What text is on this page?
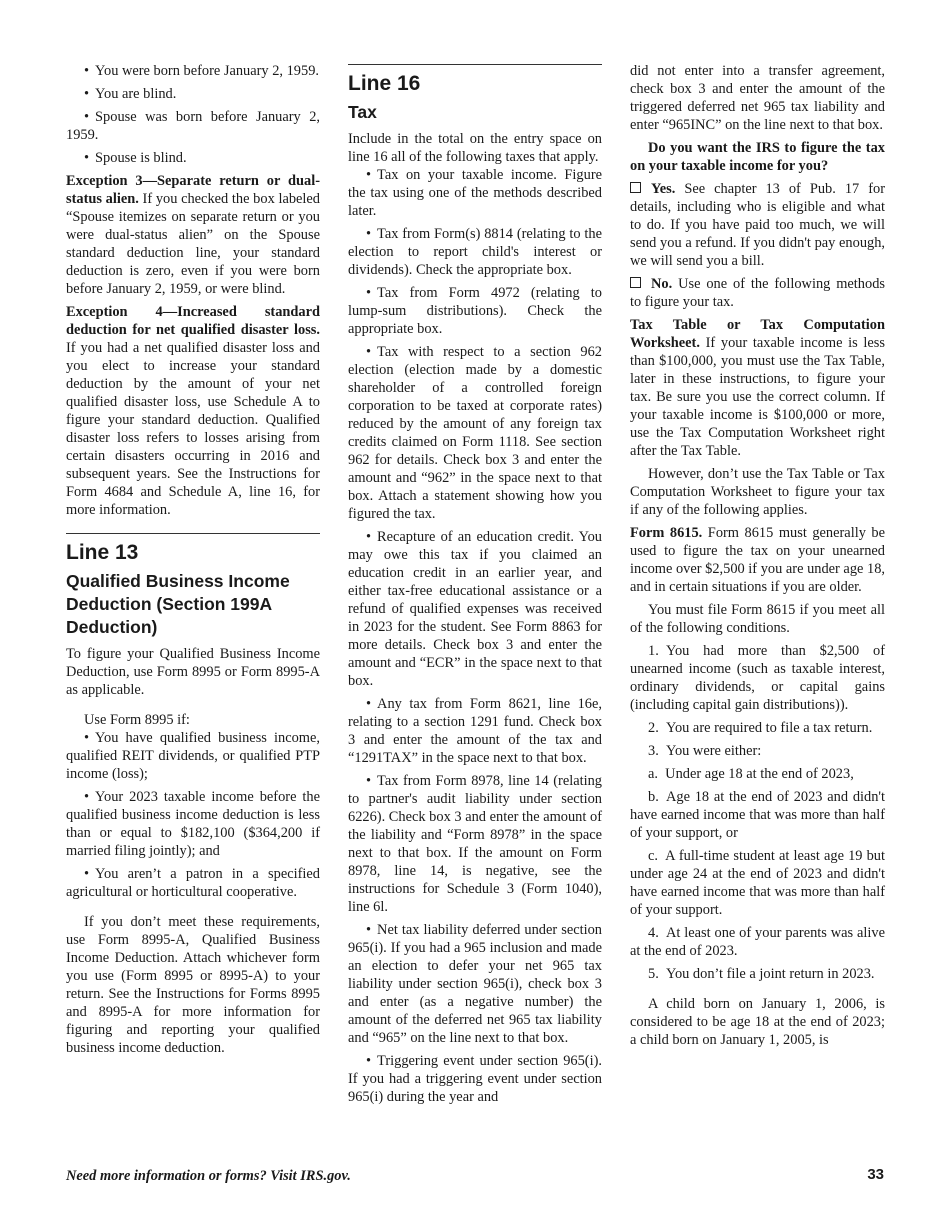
• You were born before January 2, 1959.

• You are blind.

• Spouse was born before January 2, 1959.

• Spouse is blind.

Exception 3—Separate return or dual-status alien. If you checked the box labeled “Spouse itemizes on separate return or you were dual-status alien” on the Spouse standard deduction line, your standard deduction is zero, even if you were born before January 2, 1959, or were blind.

Exception 4—Increased standard deduction for net qualified disaster loss. If you had a net qualified disaster loss and you elect to increase your standard deduction by the amount of your net qualified disaster loss, use Schedule A to figure your standard deduction. Qualified disaster loss refers to losses arising from certain disasters occurring in 2016 and subsequent years. See the Instructions for Form 4684 and Schedule A, line 16, for more information.

Line 13
Qualified Business Income Deduction (Section 199A Deduction)

To figure your Qualified Business Income Deduction, use Form 8995 or Form 8995-A as applicable.

Use Form 8995 if:

• You have qualified business income, qualified REIT dividends, or qualified PTP income (loss);

• Your 2023 taxable income before the qualified business income deduction is less than or equal to $182,100 ($364,200 if married filing jointly); and

• You aren’t a patron in a specified agricultural or horticultural cooperative.

If you don’t meet these requirements, use Form 8995-A, Qualified Business Income Deduction. Attach whichever form you use (Form 8995 or 8995-A) to your return. See the Instructions for Forms 8995 and 8995-A for more information for figuring and reporting your qualified business income deduction.

Line 16
Tax

Include in the total on the entry space on line 16 all of the following taxes that apply.

• Tax on your taxable income. Figure the tax using one of the methods described later.

• Tax from Form(s) 8814 (relating to the election to report child's interest or dividends). Check the appropriate box.

• Tax from Form 4972 (relating to lump-sum distributions). Check the appropriate box.

• Tax with respect to a section 962 election (election made by a domestic shareholder of a controlled foreign corporation to be taxed at corporate rates) reduced by the amount of any foreign tax credits claimed on Form 1118. See section 962 for details. Check box 3 and enter the amount and “962” in the space next to that box. Attach a statement showing how you figured the tax.

• Recapture of an education credit. You may owe this tax if you claimed an education credit in an earlier year, and either tax-free educational assistance or a refund of qualified expenses was received in 2023 for the student. See Form 8863 for more details. Check box 3 and enter the amount and “ECR” in the space next to that box.

• Any tax from Form 8621, line 16e, relating to a section 1291 fund. Check box 3 and enter the amount of the tax and “1291TAX” in the space next to that box.

• Tax from Form 8978, line 14 (relating to partner's audit liability under section 6226). Check box 3 and enter the amount of the liability and “Form 8978” in the space next to that box. If the amount on Form 8978, line 14, is negative, see the instructions for Schedule 3 (Form 1040), line 6l.

• Net tax liability deferred under section 965(i). If you had a 965 inclusion and made an election to defer your net 965 tax liability under section 965(i), check box 3 and enter (as a negative number) the amount of the deferred net 965 tax liability and “965” on the line next to that box.

• Triggering event under section 965(i). If you had a triggering event under section 965(i) during the year and

did not enter into a transfer agreement, check box 3 and enter the amount of the triggered deferred net 965 tax liability and enter “965INC” on the line next to that box.

Do you want the IRS to figure the tax on your taxable income for you?

Yes. See chapter 13 of Pub. 17 for details, including who is eligible and what to do. If you have paid too much, we will send you a refund. If you didn't pay enough, we will send you a bill.

No. Use one of the following methods to figure your tax.

Tax Table or Tax Computation Worksheet. If your taxable income is less than $100,000, you must use the Tax Table, later in these instructions, to figure your tax. Be sure you use the correct column. If your taxable income is $100,000 or more, use the Tax Computation Worksheet right after the Tax Table.

However, don’t use the Tax Table or Tax Computation Worksheet to figure your tax if any of the following applies.

Form 8615. Form 8615 must generally be used to figure the tax on your unearned income over $2,500 if you are under age 18, and in certain situations if you are older.

You must file Form 8615 if you meet all of the following conditions.

1. You had more than $2,500 of unearned income (such as taxable interest, ordinary dividends, or capital gains (including capital gain distributions)).

2. You are required to file a tax return.

3. You were either:

a. Under age 18 at the end of 2023,

b. Age 18 at the end of 2023 and didn't have earned income that was more than half of your support, or

c. A full-time student at least age 19 but under age 24 at the end of 2023 and didn't have earned income that was more than half of your support.

4. At least one of your parents was alive at the end of 2023.

5. You don’t file a joint return in 2023.

A child born on January 1, 2006, is considered to be age 18 at the end of 2023; a child born on January 1, 2005, is

Need more information or forms? Visit IRS.gov.	33
